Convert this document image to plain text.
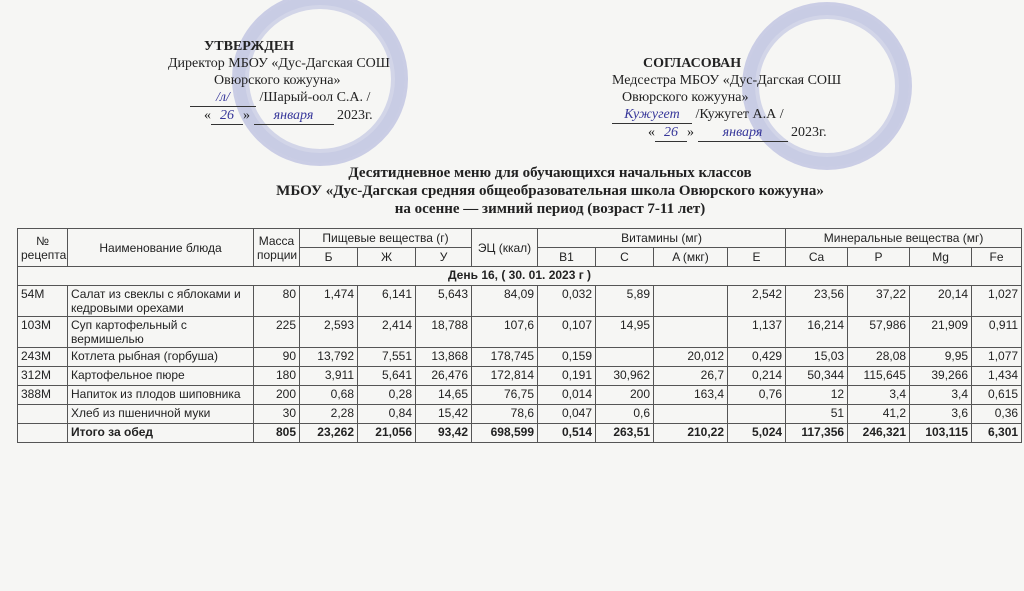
УТВЕРЖДЕН
Директор МБОУ «Дус-Дагская СОШ
Овюрского кожууна»
/л/ /Шарый-оол С.А. /
« 26 » января 2023г.
СОГЛАСОВАН
Медсестра МБОУ «Дус-Дагская СОШ
Овюрского кожууна»
Кужугет /Кужугет А.А /
« 26 » января 2023г.
Десятидневное меню для обучающихся начальных классов
МБОУ «Дус-Дагская средняя общеобразовательная школа Овюрского кожууна»
на осенне — зимний период (возраст 7-11 лет)
№ рецепта	Наименование блюда	Масса порции	Пищевые вещества (г)			ЭЦ (ккал)	Витамины (мг)				Минеральные вещества (мг)			
			Б	Ж	У		B1	C	A (мкг)	E	Ca	P	Mg	Fe
День 16, ( 30. 01. 2023 г )														
54М	Салат из свеклы с яблоками и кедровыми орехами	80	1,474	6,141	5,643	84,09	0,032	5,89		2,542	23,56	37,22	20,14	1,027
103М	Суп картофельный с вермишелью	225	2,593	2,414	18,788	107,6	0,107	14,95		1,137	16,214	57,986	21,909	0,911
243М	Котлета рыбная (горбуша)	90	13,792	7,551	13,868	178,745	0,159		20,012	0,429	15,03	28,08	9,95	1,077
312М	Картофельное пюре	180	3,911	5,641	26,476	172,814	0,191	30,962	26,7	0,214	50,344	115,645	39,266	1,434
388М	Напиток из плодов шиповника	200	0,68	0,28	14,65	76,75	0,014	200	163,4	0,76	12	3,4	3,4	0,615
	Хлеб из пшеничной муки	30	2,28	0,84	15,42	78,6	0,047	0,6			51	41,2	3,6	0,36
	Итого за обед	805	23,262	21,056	93,42	698,599	0,514	263,51	210,22	5,024	117,356	246,321	103,115	6,301
